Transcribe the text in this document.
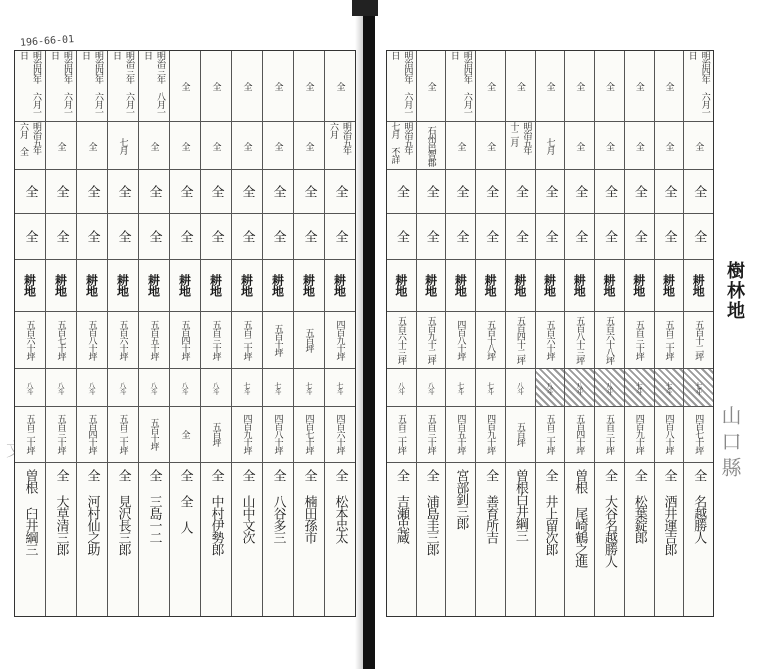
196-66-01
明治四年 六月一日
明治五年 六月 全
全
全
耕地
五百六十坪
八斗
五百二十坪
曽根 臼井綱三
明治四年 六月一日
全
全
全
耕地
五百七十坪
八斗
五百三十坪
全 大草清三郎
明治四年 六月一日
全
全
全
耕地
五百八十坪
八斗
五百四十坪
全 河村仙之助
明治三年 六月一日
七月
全
全
耕地
五百六十坪
八斗
五百二十坪
全 見沢長三郎
明治三年 八月一日
全
全
全
耕地
五百五十坪
八斗
五百十坪
全 三島一二
全
全
全
全
耕地
五百四十坪
八斗
全
全 全 人
全
全
全
全
耕地
五百三十坪
八斗
五百坪
全 中村伊勢郎
全
全
全
全
耕地
五百二十坪
七斗
四百九十坪
全 山中文次
全
全
全
全
耕地
五百十坪
七斗
四百八十坪
全 八谷多三
全
全
全
全
耕地
五百坪
七斗
四百七十坪
全 楠田孫市
全
明治五年 六月
全
全
耕地
四百九十坪
七斗
四百六十坪
全 松本忠太
明治四年 六月一日
明治五年 七月 不詳
全
全
耕地
五百六十三坪
八斗
五百二十坪
全 吉瀬忠蔵
全
石州邑智郡
全
全
耕地
五百九十二坪
八斗
五百三十坪
全 浦島圭三郎
明治四年 六月一日
全
全
全
耕地
四百八十坪
七斗
四百五十坪
宮部釗三郎
全
全
全
全
耕地
五百十八坪
七斗
四百九十坪
全 善育所吉
全
明治五年 十二月
全
全
耕地
五百四十二坪
八斗
五百坪
曽根白井綱三
全
七月
全
全
耕地
五百六十坪
八斗
五百二十坪
全 井上留次郎
全
全
全
全
耕地
五百八十三坪
八斗
五百四十坪
曽根 尾崎鶴之進
全
全
全
全
耕地
五百六十八坪
八斗
五百三十坪
全 大谷名越勝人
全
全
全
全
耕地
五百三十坪
七斗
四百九十坪
全 松葉錠郎
全
全
全
全
耕地
五百二十坪
七斗
四百八十坪
全 酒井運吉郎
明治四年 六月一日
全
全
全
耕地
五百十二坪
七斗
四百七十坪
全 名越勝人
樹林地
山口縣
